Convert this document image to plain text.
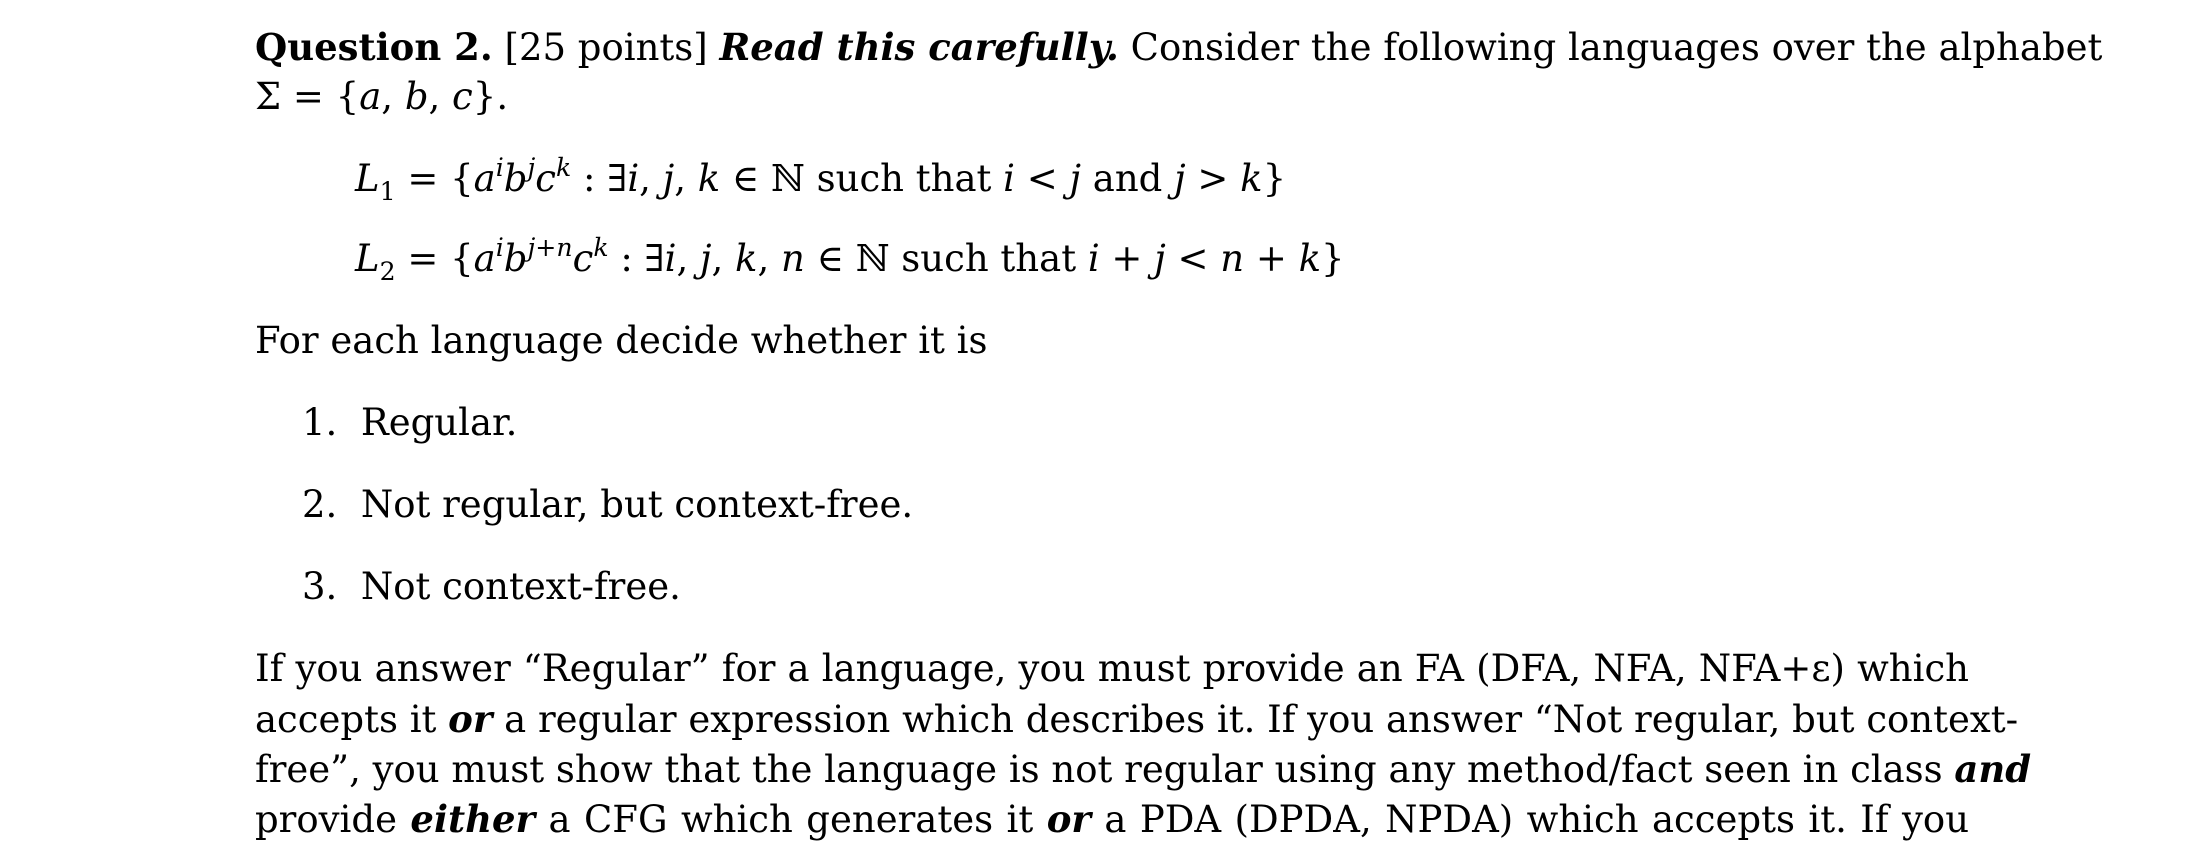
Question 2. [25 points] Read this carefully. Consider the following languages over the alphabet
Σ = {a, b, c}.
$L_1 = \{a^ib^jc^k$ : ∃i, j, k ∈ ℕ such that i < j and j > k}
$L_2 = \{a^ib^{j+n}c^k$ : ∃i, j, k, n ∈ ℕ such that i + j < n + k}
For each language decide whether it is
1. Regular.
2. Not regular, but context-free.
3. Not context-free.
If you answer “Regular” for a language, you must provide an FA (DFA, NFA, NFA+ε) which
accepts it or a regular expression which describes it. If you answer “Not regular, but context-
free”, you must show that the language is not regular using any method/fact seen in class and
provide either a CFG which generates it or a PDA (DPDA, NPDA) which accepts it. If you
